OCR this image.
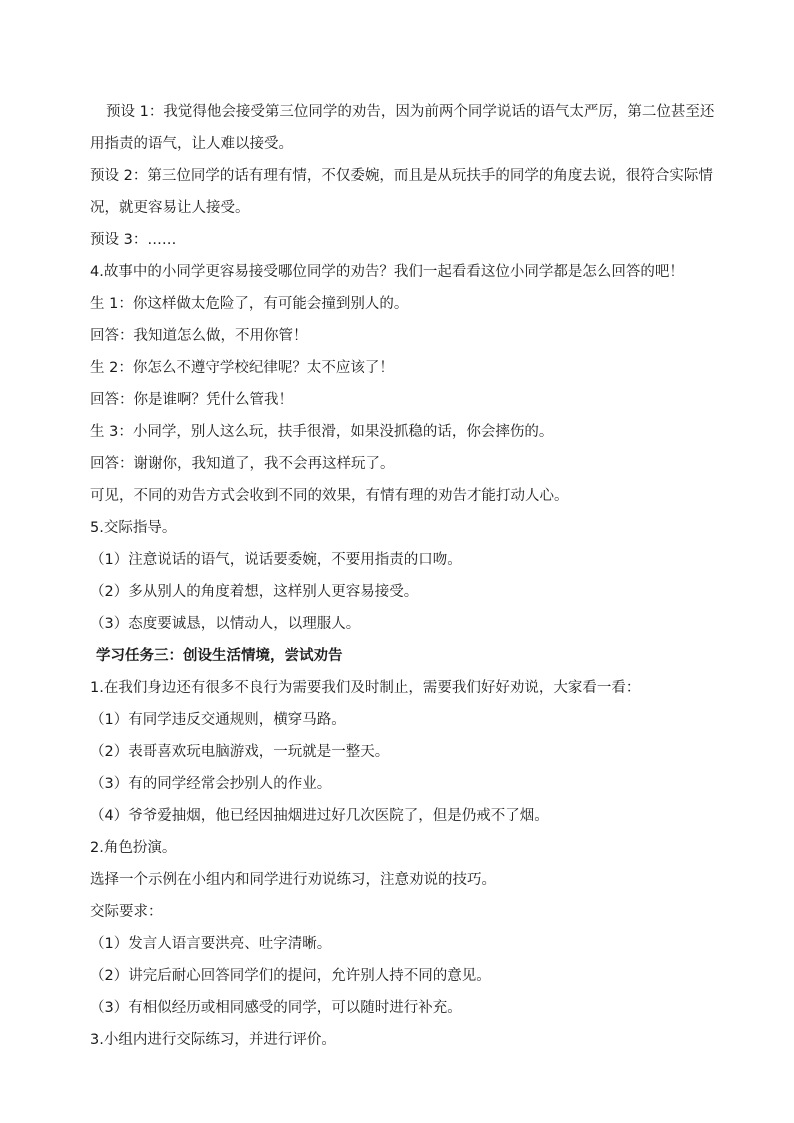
预设 1：我觉得他会接受第三位同学的劝告，因为前两个同学说话的语气太严厉，第二位甚至还用指责的语气，让人难以接受。

预设 2：第三位同学的话有理有情，不仅委婉，而且是从玩扶手的同学的角度去说，很符合实际情况，就更容易让人接受。

预设 3：……

4.故事中的小同学更容易接受哪位同学的劝告？我们一起看看这位小同学都是怎么回答的吧！

生 1：你这样做太危险了，有可能会撞到别人的。

回答：我知道怎么做，不用你管！

生 2：你怎么不遵守学校纪律呢？太不应该了！

回答：你是谁啊？凭什么管我！

生 3：小同学，别人这么玩，扶手很滑，如果没抓稳的话，你会摔伤的。

回答：谢谢你，我知道了，我不会再这样玩了。

可见，不同的劝告方式会收到不同的效果，有情有理的劝告才能打动人心。

5.交际指导。

（1）注意说话的语气，说话要委婉，不要用指责的口吻。

（2）多从别人的角度着想，这样别人更容易接受。

（3）态度要诚恳，以情动人，以理服人。

学习任务三：创设生活情境，尝试劝告

1.在我们身边还有很多不良行为需要我们及时制止，需要我们好好劝说，大家看一看：

（1）有同学违反交通规则，横穿马路。

（2）表哥喜欢玩电脑游戏，一玩就是一整天。

（3）有的同学经常会抄别人的作业。

（4）爷爷爱抽烟，他已经因抽烟进过好几次医院了，但是仍戒不了烟。

2.角色扮演。

选择一个示例在小组内和同学进行劝说练习，注意劝说的技巧。

交际要求：

（1）发言人语言要洪亮、吐字清晰。

（2）讲完后耐心回答同学们的提问，允许别人持不同的意见。

（3）有相似经历或相同感受的同学，可以随时进行补充。

3.小组内进行交际练习，并进行评价。
